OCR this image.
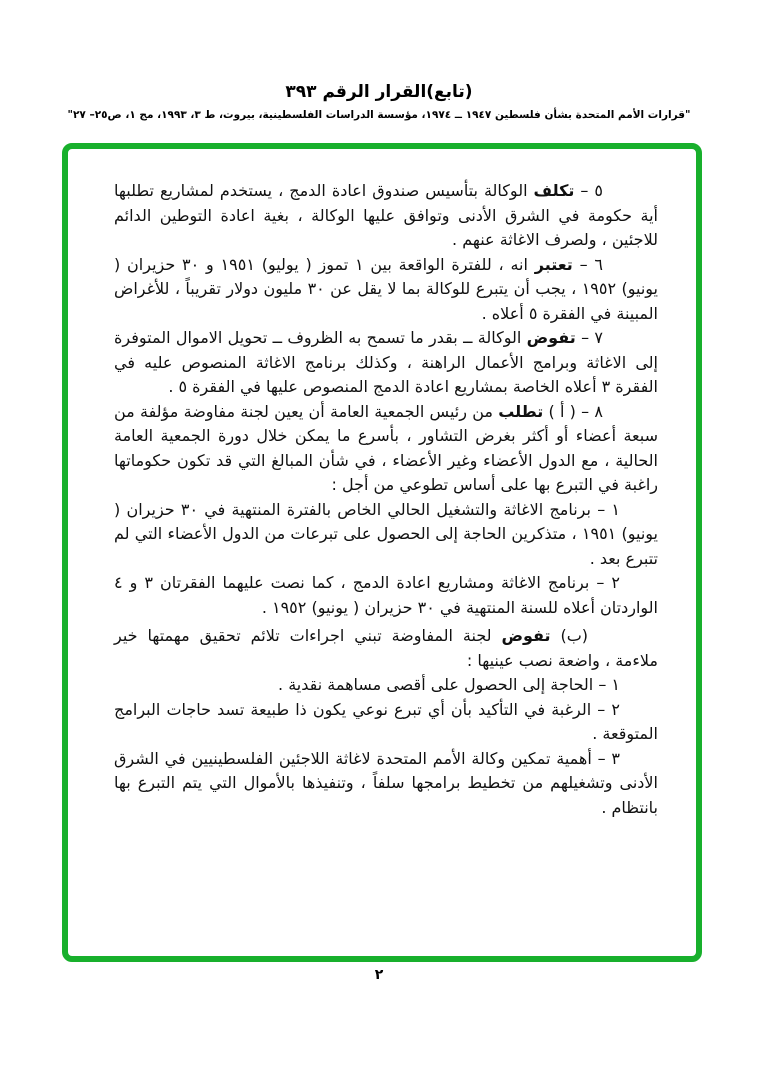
(تابع)القرار الرقم ٣٩٣
"قرارات الأمم المتحدة بشأن فلسطين ١٩٤٧ ــ ١٩٧٤، مؤسسة الدراسات الفلسطينية، بيروت، ط ٣، ١٩٩٣، مج ١، ص٢٥– ٢٧"

٥ – تكلف الوكالة بتأسيس صندوق اعادة الدمج ، يستخدم لمشاريع تطلبها أية حكومة في الشرق الأدنى وتوافق عليها الوكالة ، بغية اعادة التوطين الدائم للاجئين ، ولصرف الاغاثة عنهم .

٦ – تعتبر انه ، للفترة الواقعة بين ١ تموز ( يوليو) ١٩٥١ و ٣٠ حزيران ( يونيو) ١٩٥٢ ، يجب أن يتبرع للوكالة بما لا يقل عن ٣٠ مليون دولار تقريباً ، للأغراض المبينة في الفقرة ٥ أعلاه .

٧ – تفوض الوكالة ــ بقدر ما تسمح به الظروف ــ تحويل الاموال المتوفرة إلى الاغاثة وبرامج الأعمال الراهنة ، وكذلك برنامج الاغاثة المنصوص عليه في الفقرة ٣ أعلاه الخاصة بمشاريع اعادة الدمج المنصوص عليها في الفقرة ٥ .

٨ – ( أ ) تطلب من رئيس الجمعية العامة أن يعين لجنة مفاوضة مؤلفة من سبعة أعضاء أو أكثر بغرض التشاور ، بأسرع ما يمكن خلال دورة الجمعية العامة الحالية ، مع الدول الأعضاء وغير الأعضاء ، في شأن المبالغ التي قد تكون حكوماتها راغبة في التبرع بها على أساس تطوعي من أجل :

١ – برنامج الاغاثة والتشغيل الحالي الخاص بالفترة المنتهية في ٣٠ حزيران ( يونيو) ١٩٥١ ، متذكرين الحاجة إلى الحصول على تبرعات من الدول الأعضاء التي لم تتبرع بعد .

٢ – برنامج الاغاثة ومشاريع اعادة الدمج ، كما نصت عليهما الفقرتان ٣ و ٤ الواردتان أعلاه للسنة المنتهية في ٣٠ حزيران ( يونيو) ١٩٥٢ .

(ب) تفوض لجنة المفاوضة تبني اجراءات تلائم تحقيق مهمتها خير ملاءمة ، واضعة نصب عينيها :

١ – الحاجة إلى الحصول على أقصى مساهمة نقدية .

٢ – الرغبة في التأكيد بأن أي تبرع نوعي يكون ذا طبيعة تسد حاجات البرامج المتوقعة .

٣ – أهمية تمكين وكالة الأمم المتحدة لاغاثة اللاجئين الفلسطينيين في الشرق الأدنى وتشغيلهم من تخطيط برامجها سلفاً ، وتنفيذها بالأموال التي يتم التبرع بها بانتظام .

٢
